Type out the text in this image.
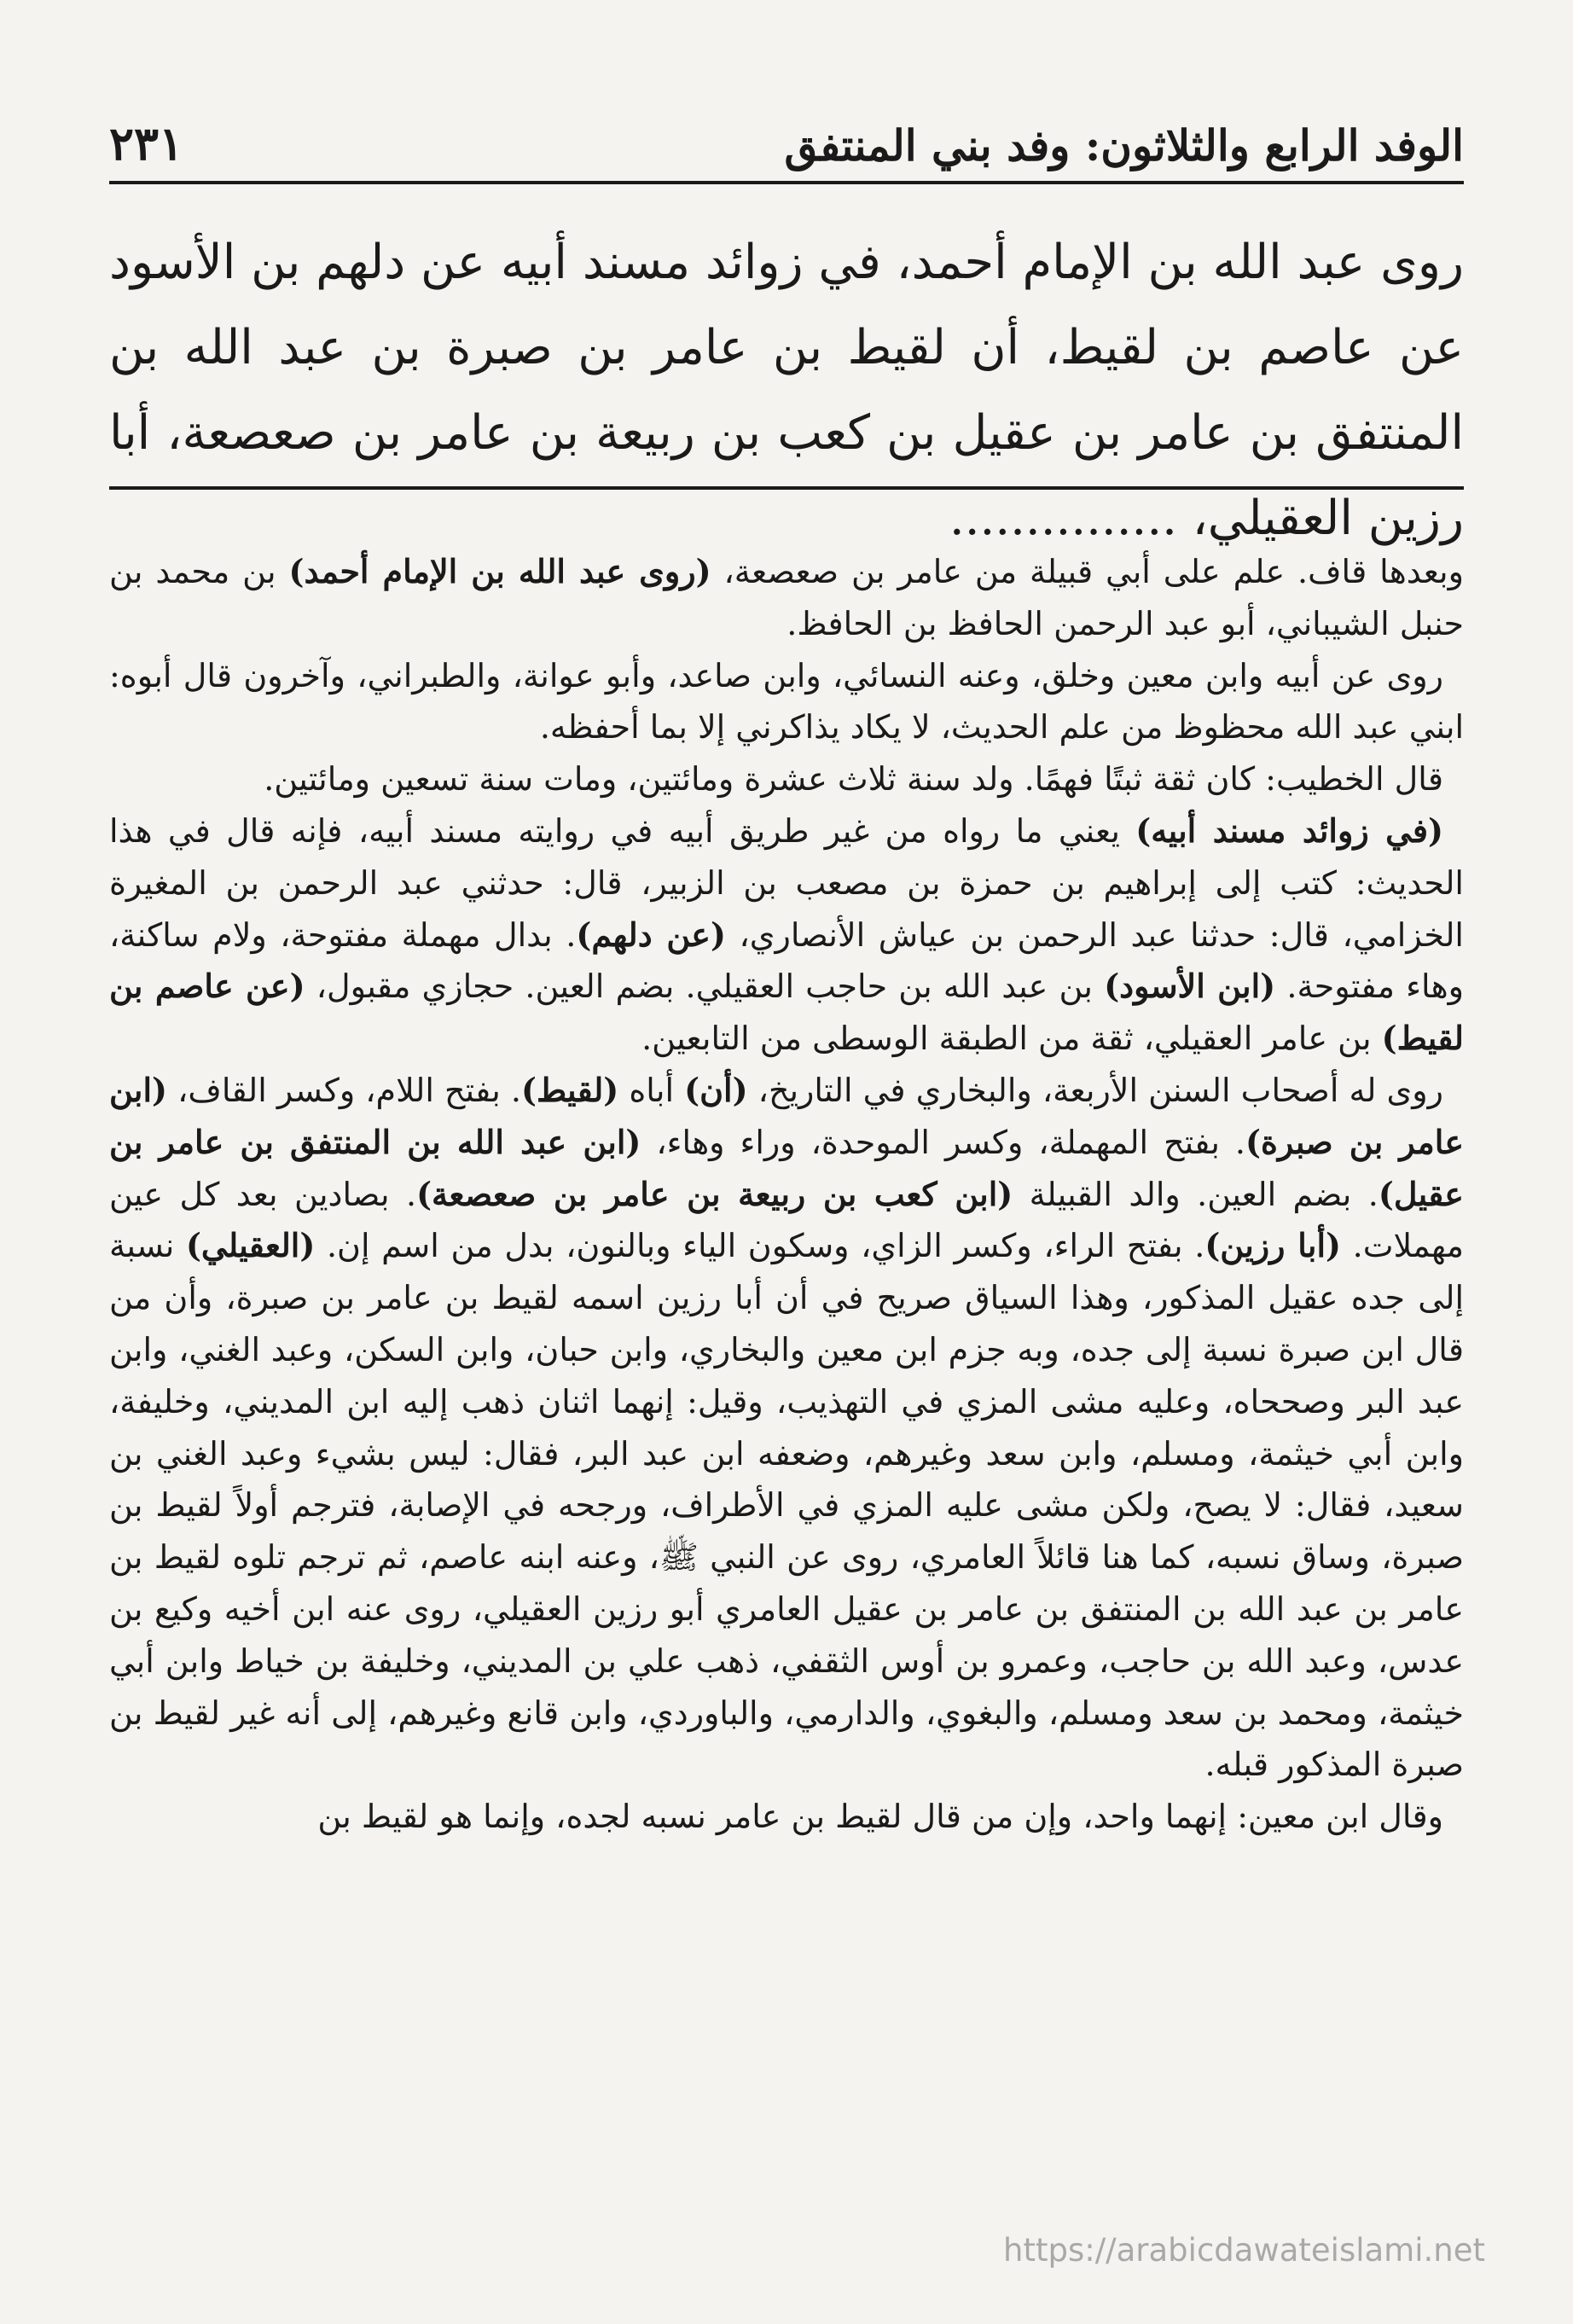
الوفد الرابع والثلاثون: وفد بني المنتفق
٢٣١

روى عبد الله بن الإمام أحمد، في زوائد مسند أبيه عن دلهم بن الأسود عن عاصم بن لقيط، أن لقيط بن عامر بن صبرة بن عبد الله بن المنتفق بن عامر بن عقيل بن كعب بن ربيعة بن عامر بن صعصعة، أبا رزين العقيلي، ...............

وبعدها قاف. علم على أبي قبيلة من عامر بن صعصعة، (روى عبد الله بن الإمام أحمد) بن محمد بن حنبل الشيباني، أبو عبد الرحمن الحافظ بن الحافظ.

روى عن أبيه وابن معين وخلق، وعنه النسائي، وابن صاعد، وأبو عوانة، والطبراني، وآخرون قال أبوه: ابني عبد الله محظوظ من علم الحديث، لا يكاد يذاكرني إلا بما أحفظه.

قال الخطيب: كان ثقة ثبتًا فهمًا. ولد سنة ثلاث عشرة ومائتين، ومات سنة تسعين ومائتين.

(في زوائد مسند أبيه) يعني ما رواه من غير طريق أبيه في روايته مسند أبيه، فإنه قال في هذا الحديث: كتب إلى إبراهيم بن حمزة بن مصعب بن الزبير، قال: حدثني عبد الرحمن بن المغيرة الخزامي، قال: حدثنا عبد الرحمن بن عياش الأنصاري، (عن دلهم). بدال مهملة مفتوحة، ولام ساكنة، وهاء مفتوحة. (ابن الأسود) بن عبد الله بن حاجب العقيلي. بضم العين. حجازي مقبول، (عن عاصم بن لقيط) بن عامر العقيلي، ثقة من الطبقة الوسطى من التابعين.

روى له أصحاب السنن الأربعة، والبخاري في التاريخ، (أن) أباه (لقيط). بفتح اللام، وكسر القاف، (ابن عامر بن صبرة). بفتح المهملة، وكسر الموحدة، وراء وهاء، (ابن عبد الله بن المنتفق بن عامر بن عقيل). بضم العين. والد القبيلة (ابن كعب بن ربيعة بن عامر بن صعصعة). بصادين بعد كل عين مهملات. (أبا رزين). بفتح الراء، وكسر الزاي، وسكون الياء وبالنون، بدل من اسم إن. (العقيلي) نسبة إلى جده عقيل المذكور، وهذا السياق صريح في أن أبا رزين اسمه لقيط بن عامر بن صبرة، وأن من قال ابن صبرة نسبة إلى جده، وبه جزم ابن معين والبخاري، وابن حبان، وابن السكن، وعبد الغني، وابن عبد البر وصححاه، وعليه مشى المزي في التهذيب، وقيل: إنهما اثنان ذهب إليه ابن المديني، وخليفة، وابن أبي خيثمة، ومسلم، وابن سعد وغيرهم، وضعفه ابن عبد البر، فقال: ليس بشيء وعبد الغني بن سعيد، فقال: لا يصح، ولكن مشى عليه المزي في الأطراف، ورجحه في الإصابة، فترجم أولاً لقيط بن صبرة، وساق نسبه، كما هنا قائلاً العامري، روى عن النبي ﷺ، وعنه ابنه عاصم، ثم ترجم تلوه لقيط بن عامر بن عبد الله بن المنتفق بن عامر بن عقيل العامري أبو رزين العقيلي، روى عنه ابن أخيه وكيع بن عدس، وعبد الله بن حاجب، وعمرو بن أوس الثقفي، ذهب علي بن المديني، وخليفة بن خياط وابن أبي خيثمة، ومحمد بن سعد ومسلم، والبغوي، والدارمي، والباوردي، وابن قانع وغيرهم، إلى أنه غير لقيط بن صبرة المذكور قبله.

وقال ابن معين: إنهما واحد، وإن من قال لقيط بن عامر نسبه لجده، وإنما هو لقيط بن

https://arabicdawateislami.net
